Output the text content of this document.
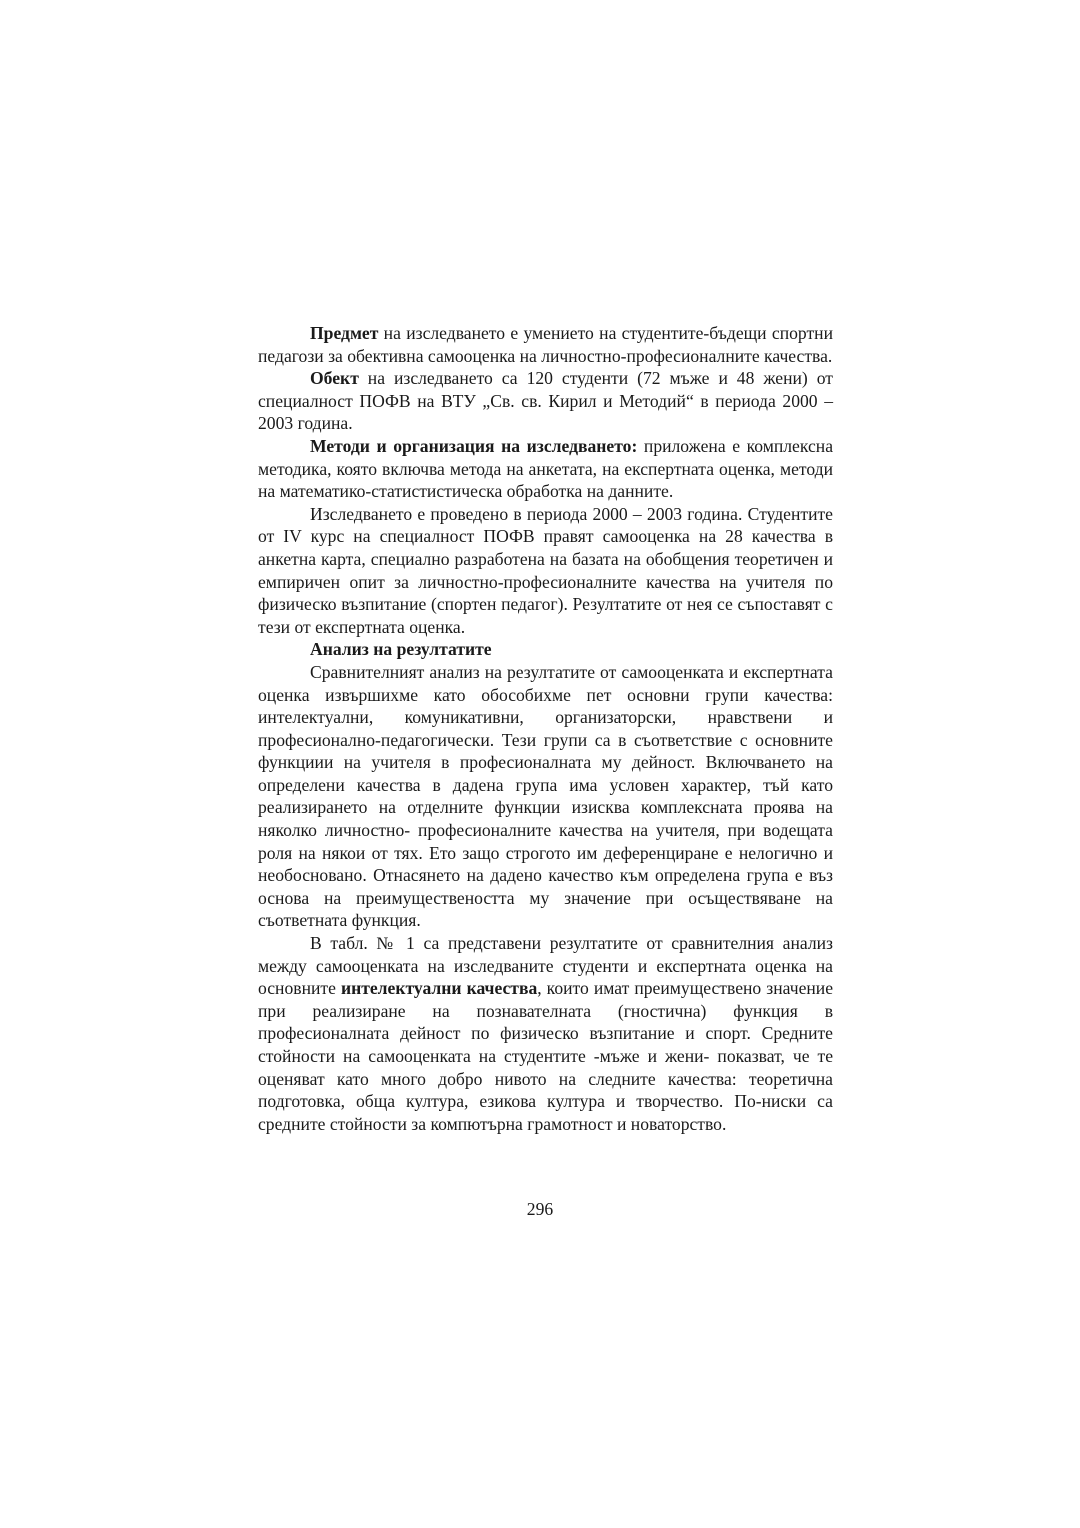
Предмет на изследването е умението на студентите-бъдещи спортни педагози за обективна самооценка на личностно-професионалните качества.

Обект на изследването са 120 студенти (72 мъже и 48 жени) от специалност ПОФВ на ВТУ „Св. св. Кирил и Методий“ в периода 2000 – 2003 година.

Методи и организация на изследването: приложена е комплексна методика, която включва метода на анкетата, на експертната оценка, методи на математико-статистистическа обработка на данните.

Изследването е проведено в периода 2000 – 2003 година. Студентите от IV курс на специалност ПОФВ правят самооценка на 28 качества в анкетна карта, специално разработена на базата на обобщения теоретичен и емпиричен опит за личностно-професионалните качества на учителя по физическо възпитание (спортен педагог). Резултатите от нея се съпоставят с тези от експертната оценка.

Анализ на резултатите

Сравнителният анализ на резултатите от самооценката и експертната оценка извършихме като обособихме пет основни групи качества: интелектуални, комуникативни, организаторски, нравствени и професионално-педагогически. Тези групи са в съответствие с основните функциии на учителя в професионалната му дейност. Включването на определени качества в дадена група има условен характер, тъй като реализирането на отделните функции изисква комплексната проява на няколко личностно- професионалните качества на учителя, при водещата роля на някои от тях. Ето защо строгото им деференциране е нелогично и необосновано. Отнасянето на дадено качество към определена група е въз основа на преимуществеността му значение при осъществяване на съответната функция.

В табл. № 1 са представени резултатите от сравнителния анализ между самооценката на изследваните студенти и експертната оценка на основните интелектуални качества, които имат преимуществено значение при реализиране на познавателната (гностична) функция в професионалната дейност по физическо възпитание и спорт. Средните стойности на самооценката на студентите -мъже и жени- показват, че те оценяват като много добро нивото на следните качества: теоретична подготовка, обща култура, езикова култура и творчество. По-ниски са средните стойности за компютърна грамотност и новаторство.

296
